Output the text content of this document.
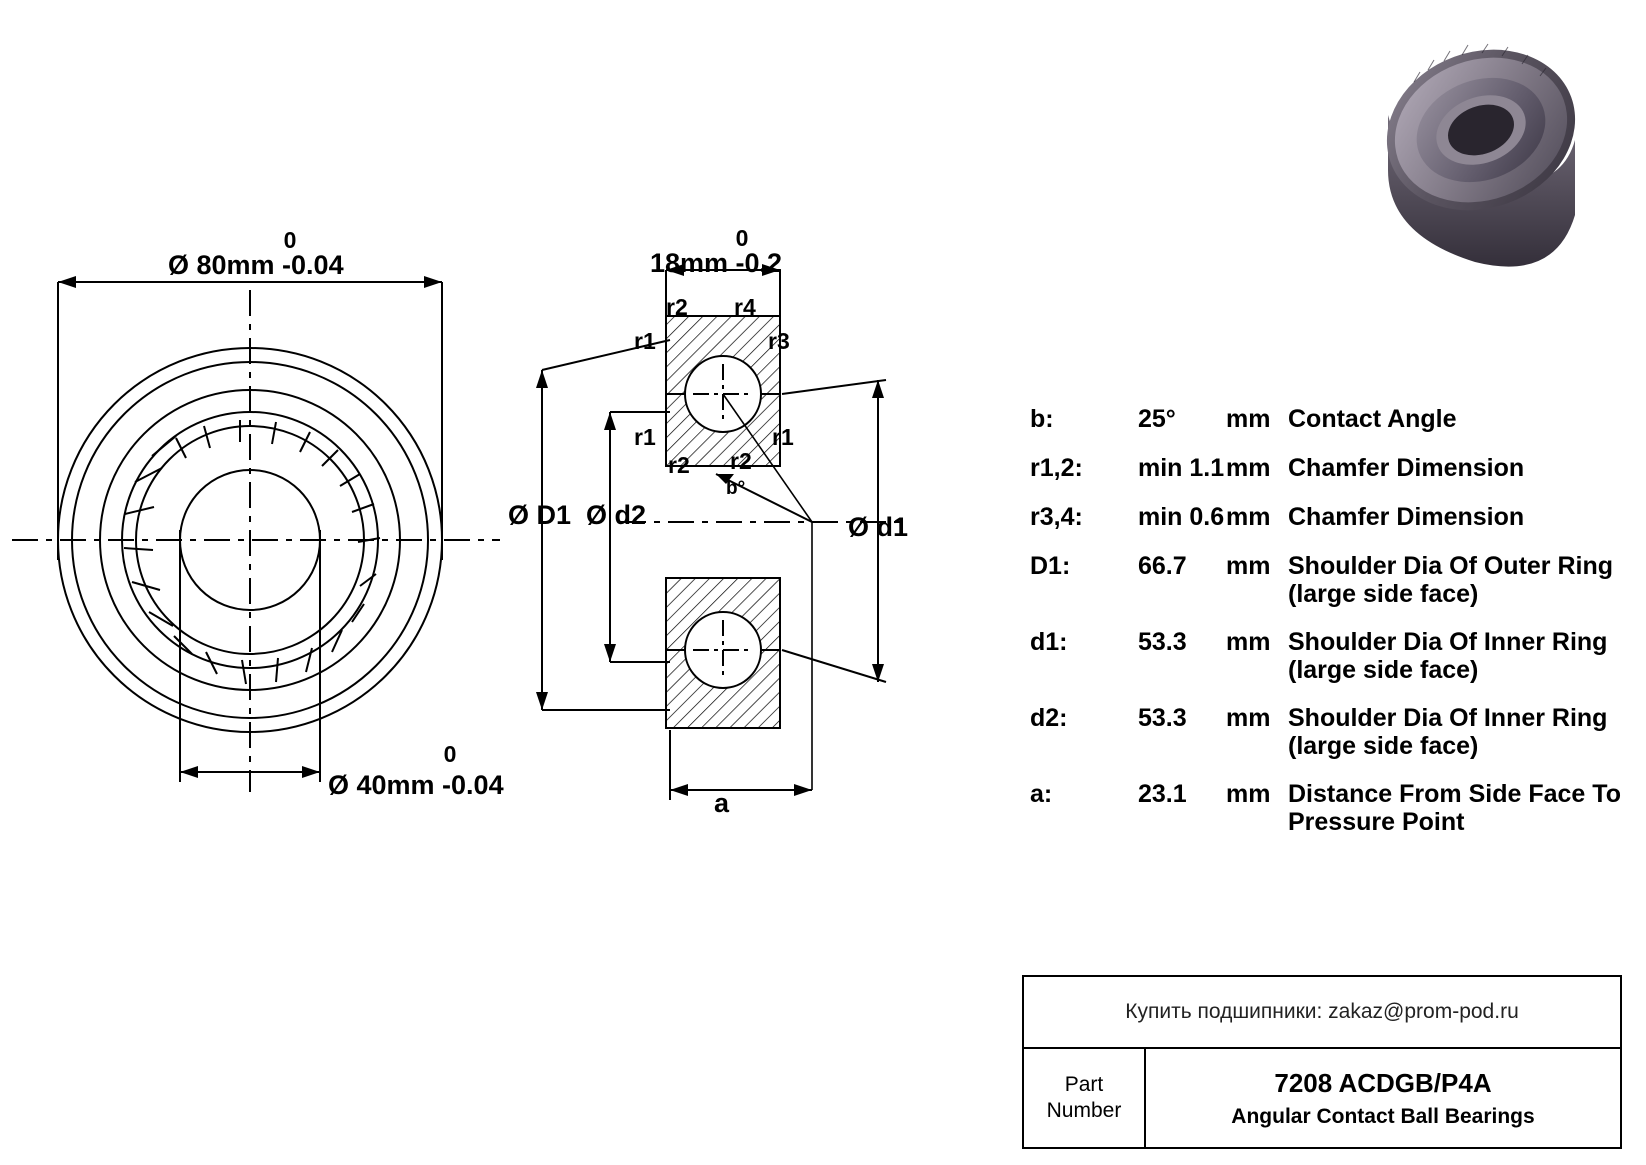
0
Ø 80mm -0.04
0
Ø 40mm -0.04
0
18mm -0.2
r2 r4
r1	r3
r1	r1
r2 r2
b°
Ø D1 Ø d2	Ø d1
a
b:	25°	mm Contact Angle
r1,2:	min 1.1 mm Chamfer Dimension
r3,4:	min 0.6 mm Chamfer Dimension
D1:	66.7	mm Shoulder Dia Of Outer Ring
(large side face)
d1:	53.3	mm Shoulder Dia Of Inner Ring
(large side face)
d2:	53.3	mm Shoulder Dia Of Inner Ring
(large side face)
a:	23.1	mm Distance From Side Face To
Pressure Point
Купить подшипники: zakaz@prom-pod.ru
Part
Number
7208 ACDGB/P4A
Angular Contact Ball Bearings
